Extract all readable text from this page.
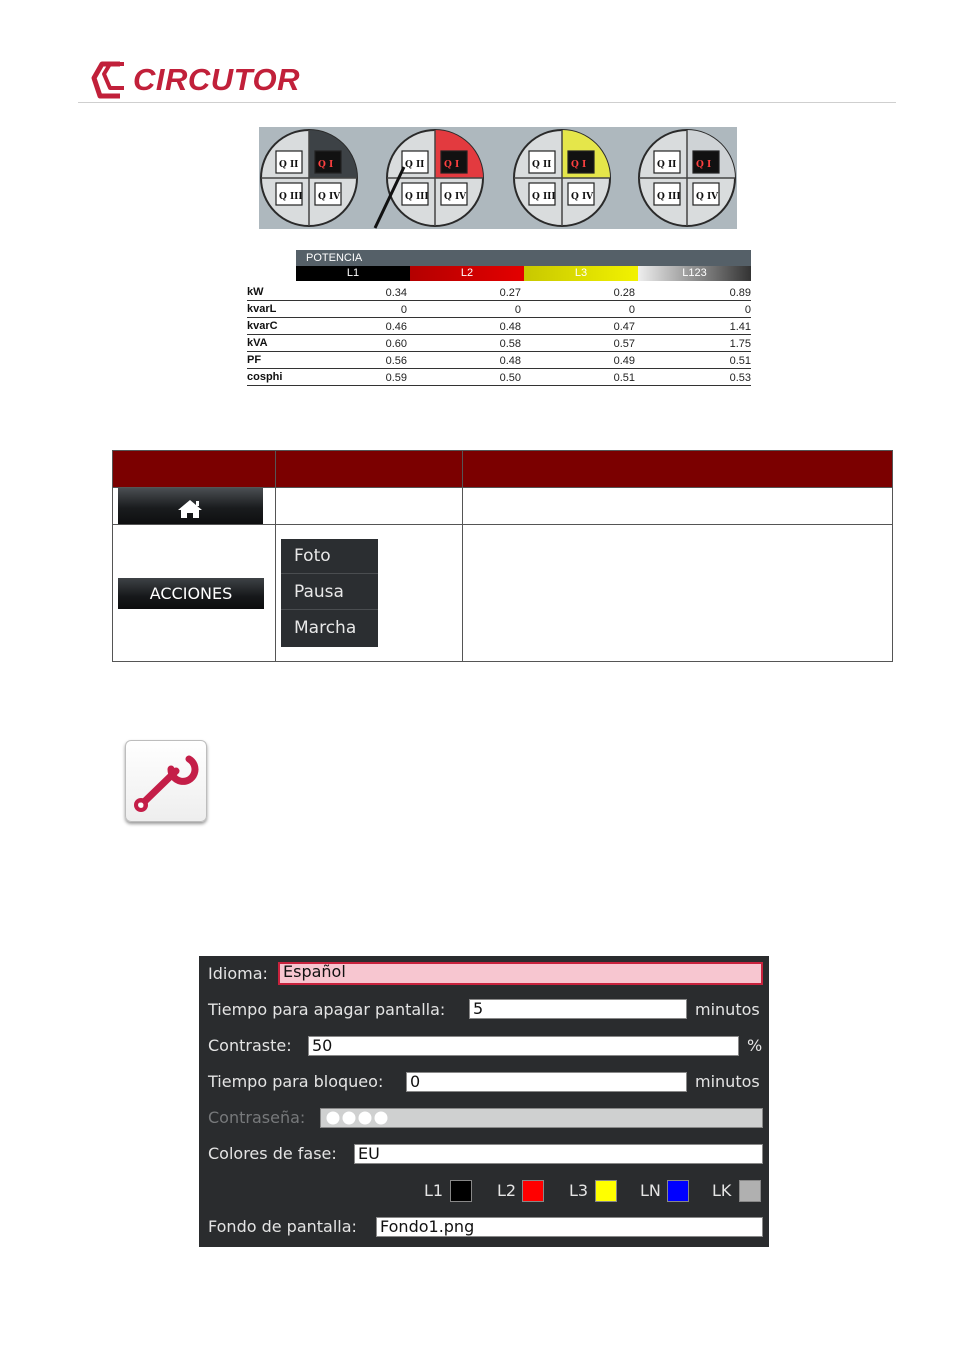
CIRCUTOR
Q II Q I
Q III Q IV
Q II Q I
Q III Q IV
Q II Q I
Q III Q IV
Q II Q I
Q III Q IV
POTENCIA
L1	L2	L3	L123
kW	0.34	0.27	0.28	0.89
kvarL	0	0	0	0
kvarC	0.46	0.48	0.47	1.41
kVA	0.60	0.58	0.57	1.75
PF	0.56	0.48	0.49	0.51
cosphi	0.59	0.50	0.51	0.53
ACCIONES
Foto
Pausa
Marcha
Idioma: Español
Tiempo para apagar pantalla: 5	minutos
Contraste: 50	%
Tiempo para bloqueo: 0	minutos
Contraseña:
Colores de fase: EU
L1	L2	L3	LN	LK
Fondo de pantalla: Fondo1.png
